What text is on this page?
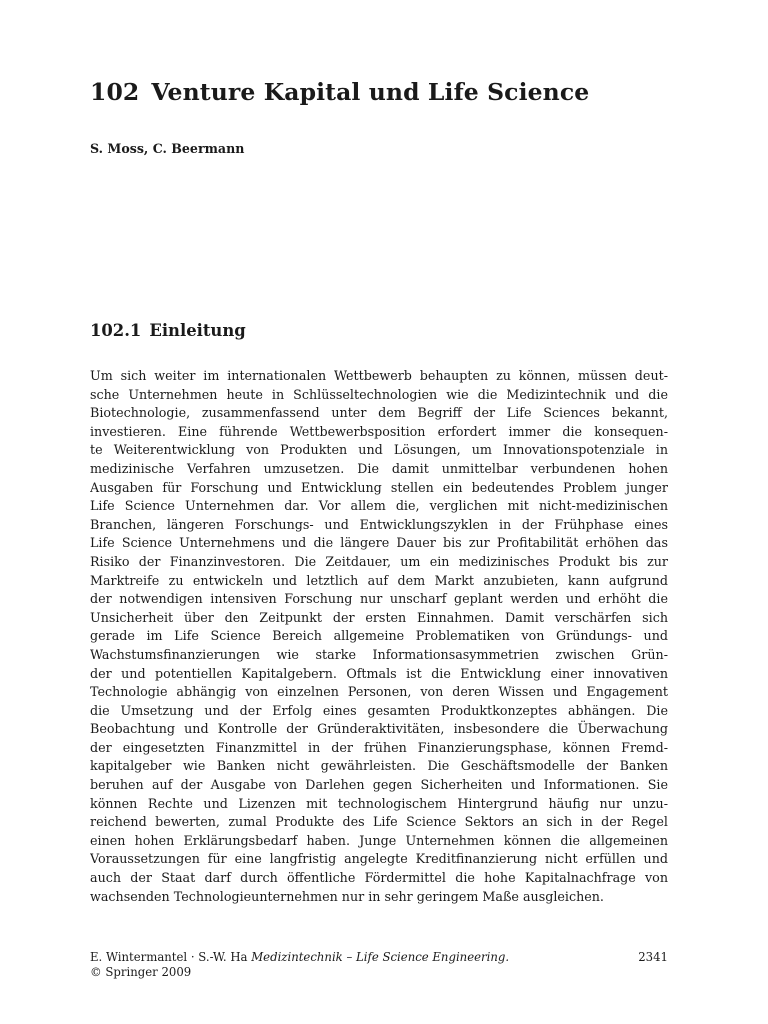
102 Venture Kapital und Life Science
S. Moss, C. Beermann
102.1 Einleitung
Um sich weiter im internationalen Wettbewerb behaupten zu können, müssen deut-
sche Unternehmen heute in Schlüsseltechnologien wie die Medizintechnik und die
Biotechnologie, zusammenfassend unter dem Begriff der Life Sciences bekannt,
investieren. Eine führende Wettbewerbsposition erfordert immer die konsequen-
te Weiterentwicklung von Produkten und Lösungen, um Innovationspotenziale in
medizinische Verfahren umzusetzen. Die damit unmittelbar verbundenen hohen
Ausgaben für Forschung und Entwicklung stellen ein bedeutendes Problem junger
Life Science Unternehmen dar. Vor allem die, verglichen mit nicht-medizinischen
Branchen, längeren Forschungs- und Entwicklungszyklen in der Frühphase eines
Life Science Unternehmens und die längere Dauer bis zur Profitabilität erhöhen das
Risiko der Finanzinvestoren. Die Zeitdauer, um ein medizinisches Produkt bis zur
Marktreife zu entwickeln und letztlich auf dem Markt anzubieten, kann aufgrund
der notwendigen intensiven Forschung nur unscharf geplant werden und erhöht die
Unsicherheit über den Zeitpunkt der ersten Einnahmen. Damit verschärfen sich
gerade im Life Science Bereich allgemeine Problematiken von Gründungs- und
Wachstumsfinanzierungen wie starke Informationsasymmetrien zwischen Grün-
der und potentiellen Kapitalgebern. Oftmals ist die Entwicklung einer innovativen
Technologie abhängig von einzelnen Personen, von deren Wissen und Engagement
die Umsetzung und der Erfolg eines gesamten Produktkonzeptes abhängen. Die
Beobachtung und Kontrolle der Gründeraktivitäten, insbesondere die Überwachung
der eingesetzten Finanzmittel in der frühen Finanzierungsphase, können Fremd-
kapitalgeber wie Banken nicht gewährleisten. Die Geschäftsmodelle der Banken
beruhen auf der Ausgabe von Darlehen gegen Sicherheiten und Informationen. Sie
können Rechte und Lizenzen mit technologischem Hintergrund häufig nur unzu-
reichend bewerten, zumal Produkte des Life Science Sektors an sich in der Regel
einen hohen Erklärungsbedarf haben. Junge Unternehmen können die allgemeinen
Voraussetzungen für eine langfristig angelegte Kreditfinanzierung nicht erfüllen und
auch der Staat darf durch öffentliche Fördermittel die hohe Kapitalnachfrage von
wachsenden Technologieunternehmen nur in sehr geringem Maße ausgleichen.
E. Wintermantel · S.-W. Ha Medizintechnik – Life Science Engineering.	2341
© Springer 2009
